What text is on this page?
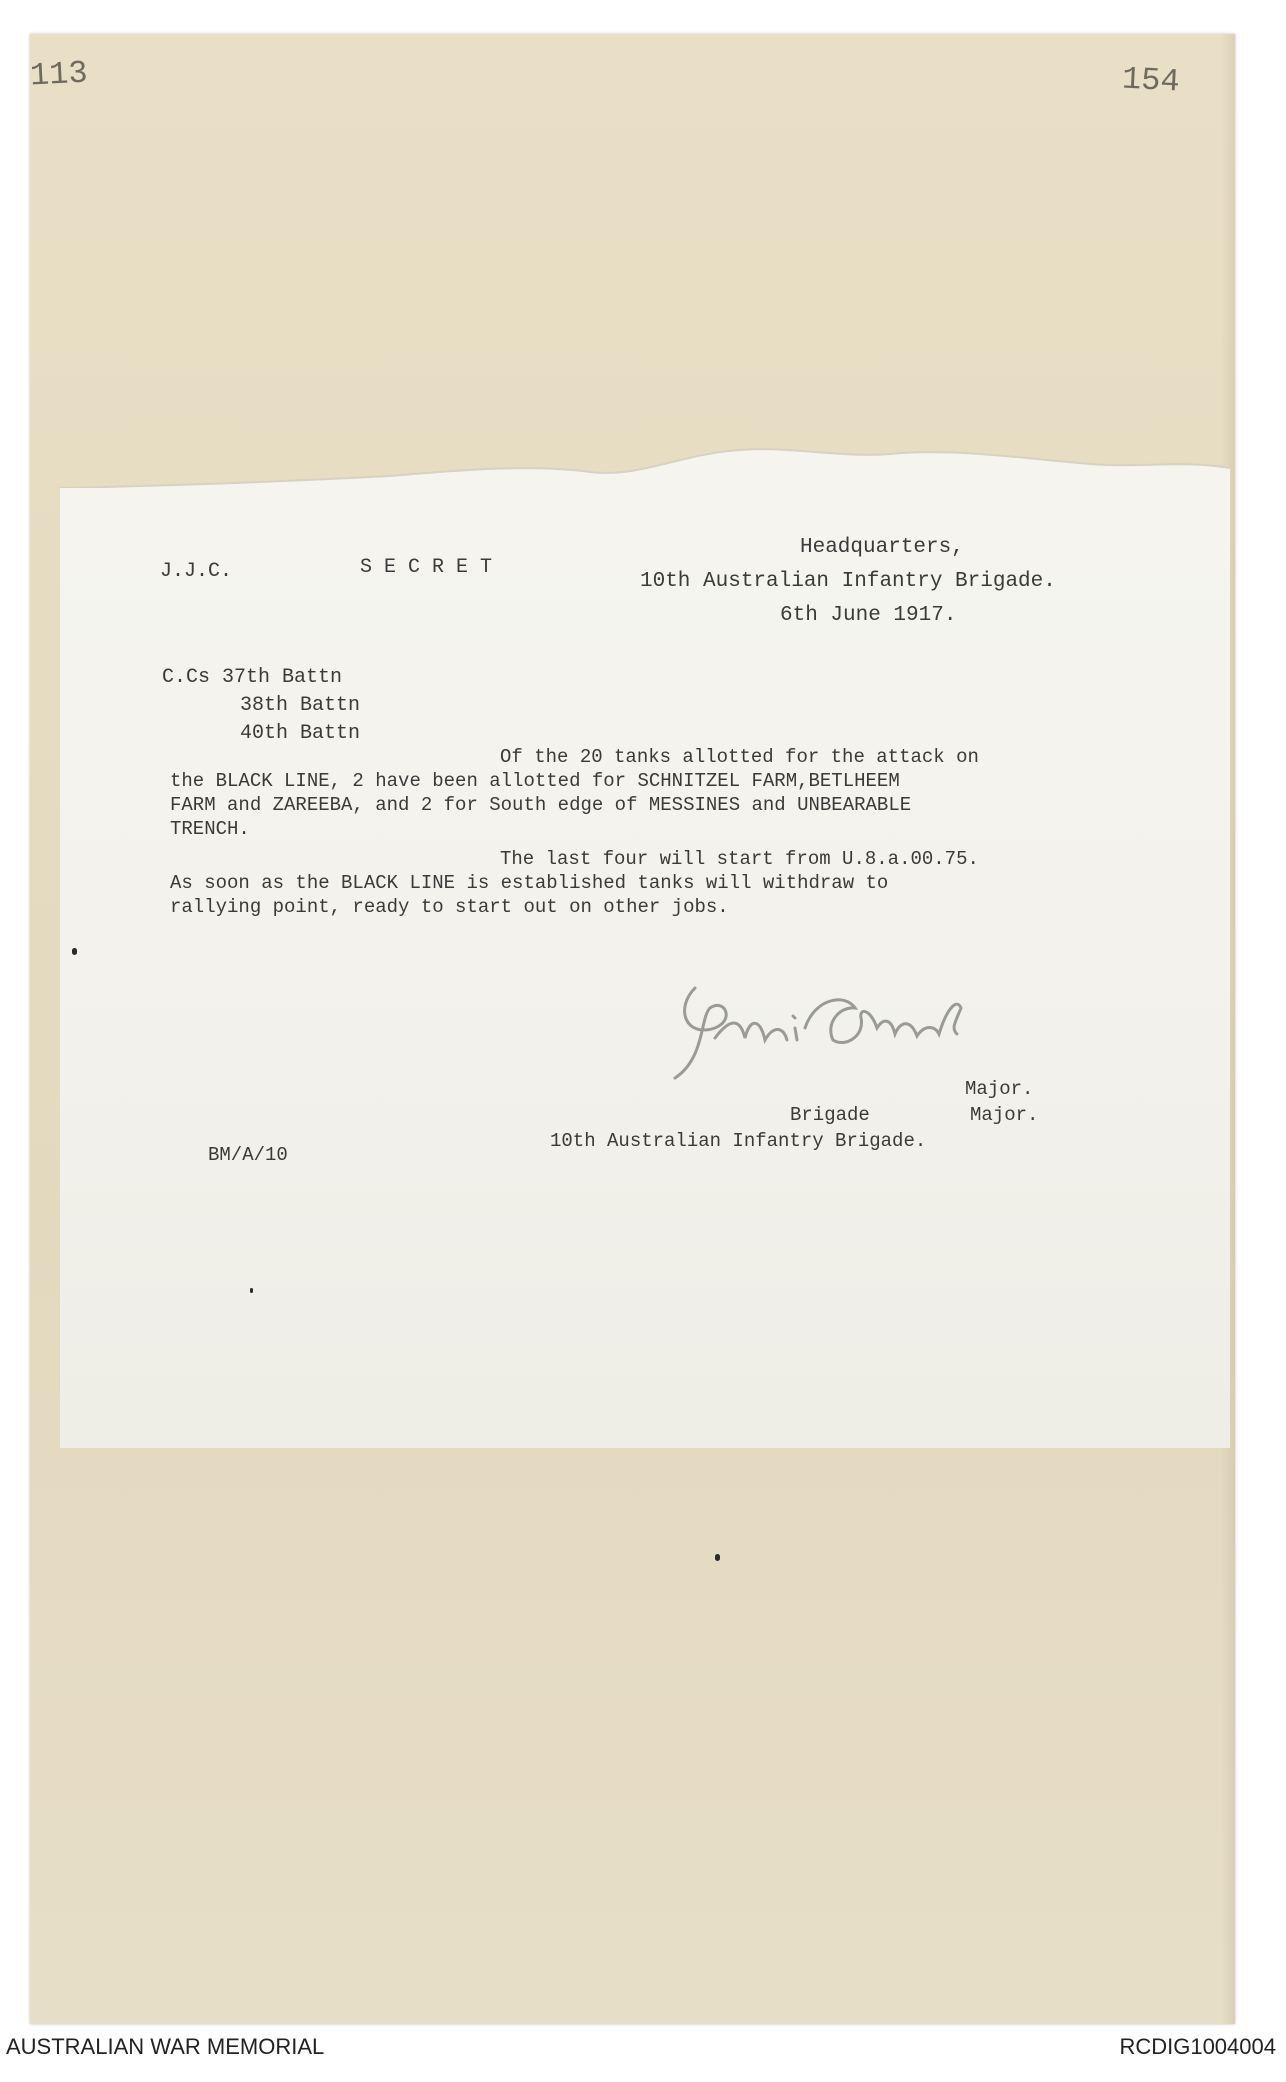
113	154
J.J.C.	SECRET
Headquarters,
10th Australian Infantry Brigade.
6th June 1917.
C.Cs 37th Battn
38th Battn
40th Battn
Of the 20 tanks allotted for the attack on
the BLACK LINE, 2 have been allotted for SCHNITZEL FARM,BETLHEEM
FARM and ZAREEBA, and 2 for South edge of MESSINES and UNBEARABLE
TRENCH.
The last four will start from U.8.a.00.75.
As soon as the BLACK LINE is established tanks will withdraw to
rallying point, ready to start out on other jobs.
Major.
Brigade	Major.
10th Australian Infantry Brigade.
BM/A/10
AUSTRALIAN WAR MEMORIAL	RCDIG1004004
